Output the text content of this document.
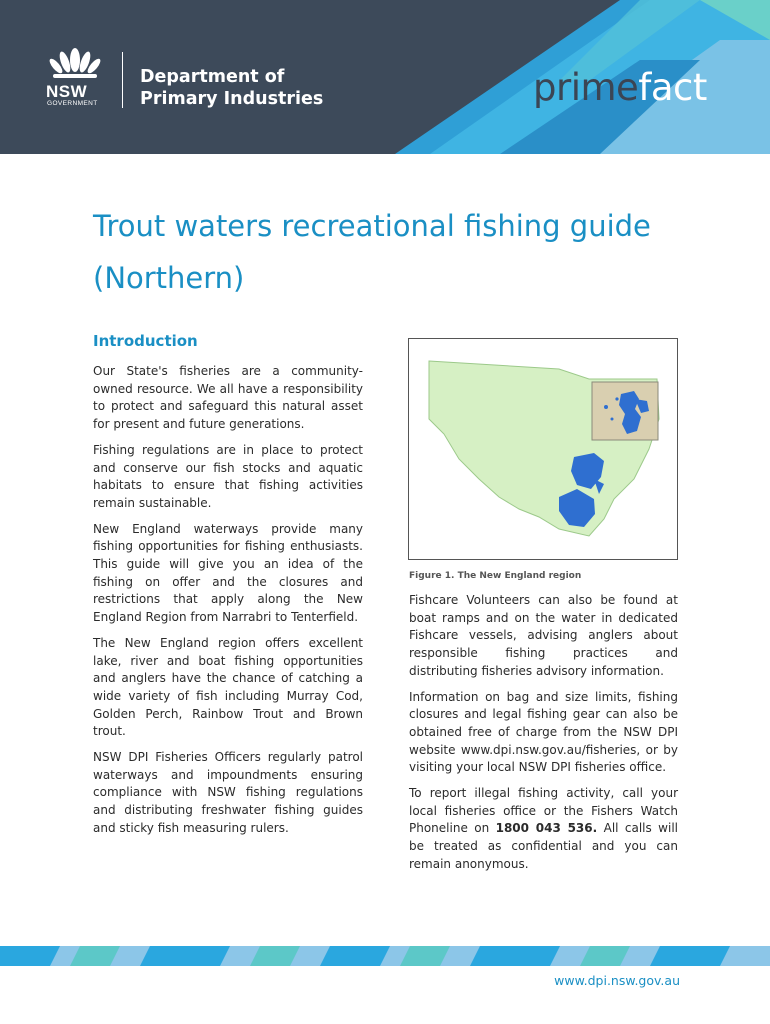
NSW
GOVERNMENT
Department of
Primary Industries	primefact
Trout waters recreational fishing guide (Northern)
Introduction

Our State's fisheries are a community-owned resource. We all have a responsibility to protect and safeguard this natural asset for present and future generations.

Fishing regulations are in place to protect and conserve our fish stocks and aquatic habitats to ensure that fishing activities remain sustainable.

New England waterways provide many fishing opportunities for fishing enthusiasts. This guide will give you an idea of the fishing on offer and the closures and restrictions that apply along the New England Region from Narrabri to Tenterfield.

The New England region offers excellent lake, river and boat fishing opportunities and anglers have the chance of catching a wide variety of fish including Murray Cod, Golden Perch, Rainbow Trout and Brown trout.

NSW DPI Fisheries Officers regularly patrol waterways and impoundments ensuring compliance with NSW fishing regulations and distributing freshwater fishing guides and sticky fish measuring rulers.

Figure 1. The New England region

Fishcare Volunteers can also be found at boat ramps and on the water in dedicated Fishcare vessels, advising anglers about responsible fishing practices and distributing fisheries advisory information.

Information on bag and size limits, fishing closures and legal fishing gear can also be obtained free of charge from the NSW DPI website www.dpi.nsw.gov.au/fisheries, or by visiting your local NSW DPI fisheries office.

To report illegal fishing activity, call your local fisheries office or the Fishers Watch Phoneline on 1800 043 536. All calls will be treated as confidential and you can remain anonymous.

www.dpi.nsw.gov.au
